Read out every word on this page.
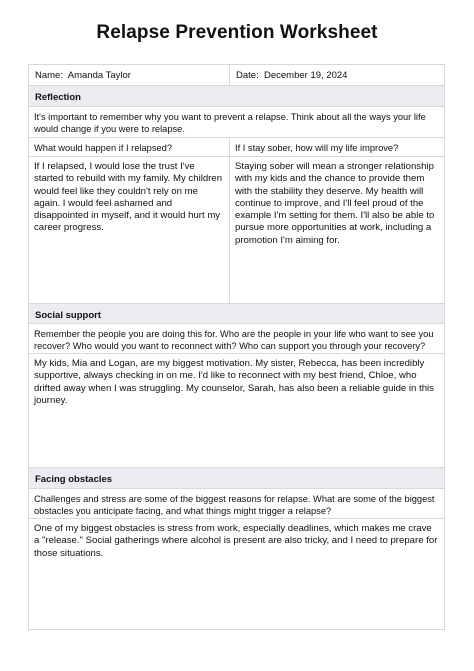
Relapse Prevention Worksheet
Name: Amanda Taylor	Date: December 19, 2024
Reflection
It's important to remember why you want to prevent a relapse. Think about all the ways your life would change if you were to relapse.
What would happen if I relapsed?	If I stay sober, how will my life improve?
If I relapsed, I would lose the trust I've started to rebuild with my family. My children would feel like they couldn't rely on me again. I would feel ashamed and disappointed in myself, and it would hurt my career progress.
Staying sober will mean a stronger relationship with my kids and the chance to provide them with the stability they deserve. My health will continue to improve, and I'll feel proud of the example I'm setting for them. I'll also be able to pursue more opportunities at work, including a promotion I'm aiming for.
Social support
Remember the people you are doing this for. Who are the people in your life who want to see you recover? Who would you want to reconnect with? Who can support you through your recovery?
My kids, Mia and Logan, are my biggest motivation. My sister, Rebecca, has been incredibly supportive, always checking in on me. I'd like to reconnect with my best friend, Chloe, who drifted away when I was struggling. My counselor, Sarah, has also been a reliable guide in this journey.
Facing obstacles
Challenges and stress are some of the biggest reasons for relapse. What are some of the biggest obstacles you anticipate facing, and what things might trigger a relapse?
One of my biggest obstacles is stress from work, especially deadlines, which makes me crave a "release." Social gatherings where alcohol is present are also tricky, and I need to prepare for those situations.
